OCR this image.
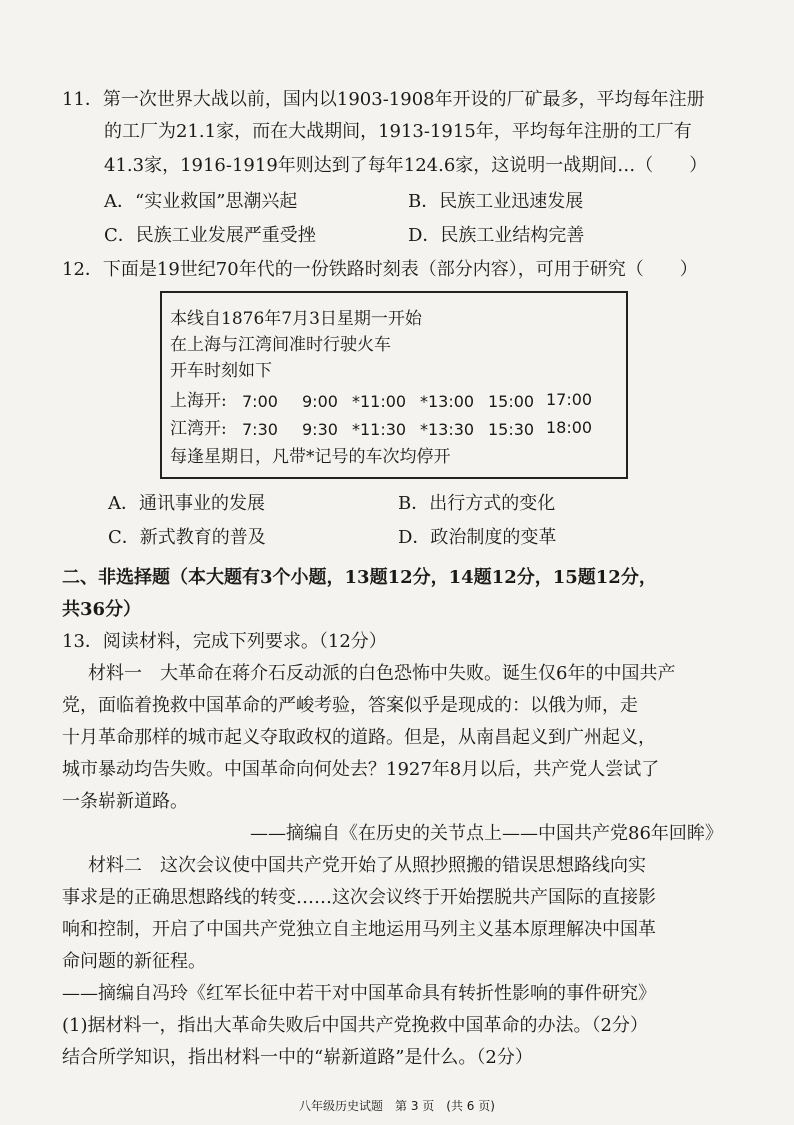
11．第一次世界大战以前，国内以1903-1908年开设的厂矿最多，平均每年注册
的工厂为21.1家，而在大战期间，1913-1915年，平均每年注册的工厂有
41.3家，1916-1919年则达到了每年124.6家，这说明一战期间…（　　）
A．“实业救国”思潮兴起	B．民族工业迅速发展
C．民族工业发展严重受挫	D．民族工业结构完善
12．下面是19世纪70年代的一份铁路时刻表（部分内容），可用于研究（　　）
本线自1876年7月3日星期一开始
在上海与江湾间准时行驶火车
开车时刻如下
上海开: 7:00 9:00 *11:00 *13:00 15:00 17:00
江湾开: 7:30 9:30 *11:30 *13:30 15:30 18:00
每逢星期日，凡带*记号的车次均停开
A．通讯事业的发展	B．出行方式的变化
C．新式教育的普及	D．政治制度的变革
二、非选择题（本大题有3个小题，13题12分，14题12分，15题12分，
共36分）
13．阅读材料，完成下列要求。（12分）
材料一　大革命在蒋介石反动派的白色恐怖中失败。诞生仅6年的中国共产
党，面临着挽救中国革命的严峻考验，答案似乎是现成的：以俄为师，走
十月革命那样的城市起义夺取政权的道路。但是，从南昌起义到广州起义，
城市暴动均告失败。中国革命向何处去？1927年8月以后，共产党人尝试了
一条崭新道路。
——摘编自《在历史的关节点上——中国共产党86年回眸》
材料二　这次会议使中国共产党开始了从照抄照搬的错误思想路线向实
事求是的正确思想路线的转变……这次会议终于开始摆脱共产国际的直接影
响和控制，开启了中国共产党独立自主地运用马列主义基本原理解决中国革
命问题的新征程。
——摘编自冯玲《红军长征中若干对中国革命具有转折性影响的事件研究》
(1)据材料一，指出大革命失败后中国共产党挽救中国革命的办法。（2分）
结合所学知识，指出材料一中的“崭新道路”是什么。（2分）
八年级历史试题　第 3 页　(共 6 页)
